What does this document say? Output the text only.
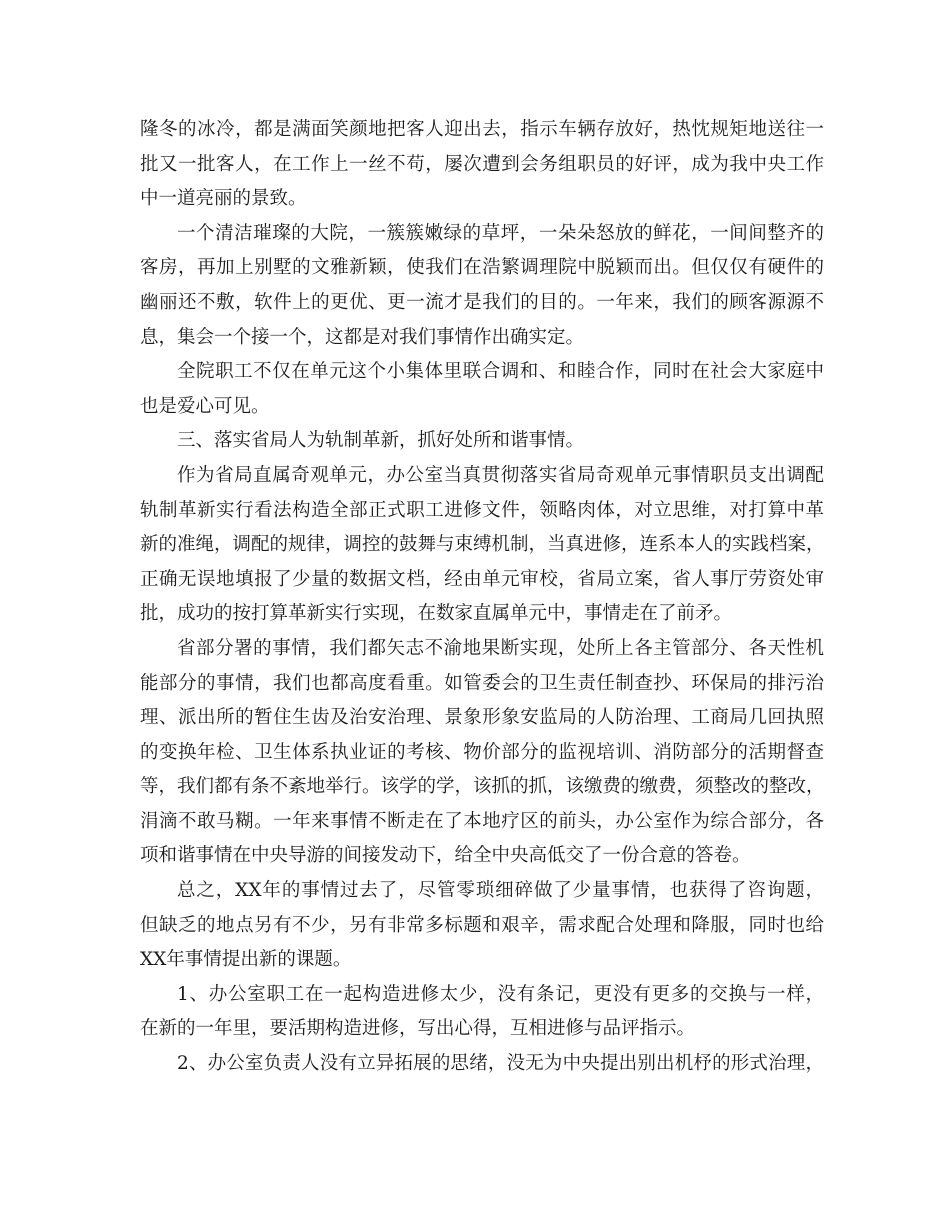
隆冬的冰冷，都是满面笑颜地把客人迎出去，指示车辆存放好，热忱规矩地送往一
批又一批客人，在工作上一丝不苟，屡次遭到会务组职员的好评，成为我中央工作
中一道亮丽的景致。
一个清洁璀璨的大院，一簇簇嫩绿的草坪，一朵朵怒放的鲜花，一间间整齐的
客房，再加上别墅的文雅新颖，使我们在浩繁调理院中脱颖而出。但仅仅有硬件的
幽丽还不敷，软件上的更优、更一流才是我们的目的。一年来，我们的顾客源源不
息，集会一个接一个，这都是对我们事情作出确实定。
全院职工不仅在单元这个小集体里联合调和、和睦合作，同时在社会大家庭中
也是爱心可见。
三、落实省局人为轨制革新，抓好处所和谐事情。
作为省局直属奇观单元，办公室当真贯彻落实省局奇观单元事情职员支出调配
轨制革新实行看法构造全部正式职工进修文件，领略肉体，对立思维，对打算中革
新的准绳，调配的规律，调控的鼓舞与束缚机制，当真进修，连系本人的实践档案，
正确无误地填报了少量的数据文档，经由单元审校，省局立案，省人事厅劳资处审
批，成功的按打算革新实行实现，在数家直属单元中，事情走在了前矛。
省部分署的事情，我们都矢志不渝地果断实现，处所上各主管部分、各天性机
能部分的事情，我们也都高度看重。如管委会的卫生责任制查抄、环保局的排污治
理、派出所的暂住生齿及治安治理、景象形象安监局的人防治理、工商局几回执照
的变换年检、卫生体系执业证的考核、物价部分的监视培训、消防部分的活期督查
等，我们都有条不紊地举行。该学的学，该抓的抓，该缴费的缴费，须整改的整改，
涓滴不敢马糊。一年来事情不断走在了本地疗区的前头，办公室作为综合部分，各
项和谐事情在中央导游的间接发动下，给全中央高低交了一份合意的答卷。
总之，XX年的事情过去了，尽管零琐细碎做了少量事情，也获得了咨询题，
但缺乏的地点另有不少，另有非常多标题和艰辛，需求配合处理和降服，同时也给
XX年事情提出新的课题。
1、办公室职工在一起构造进修太少，没有条记，更没有更多的交换与一样，
在新的一年里，要活期构造进修，写出心得，互相进修与品评指示。
2、办公室负责人没有立异拓展的思绪，没无为中央提出别出机杼的形式治理，
